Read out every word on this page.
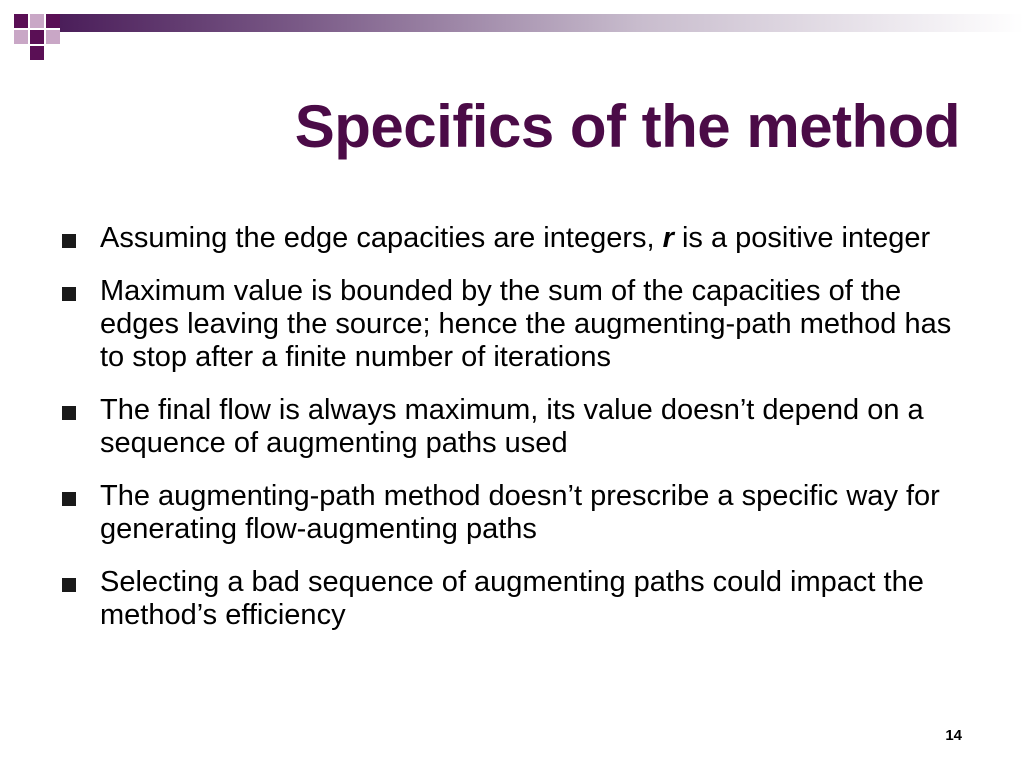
Specifics of the method
Assuming the edge capacities are integers, r is a positive integer
Maximum value is bounded by the sum of the capacities of the edges leaving the source; hence the augmenting-path method has to stop after a finite number of iterations
The final flow is always maximum, its value doesn’t depend on a sequence of augmenting paths used
The augmenting-path method doesn’t prescribe a specific way for generating flow-augmenting paths
Selecting a bad sequence of augmenting paths could impact the method’s efficiency
14
